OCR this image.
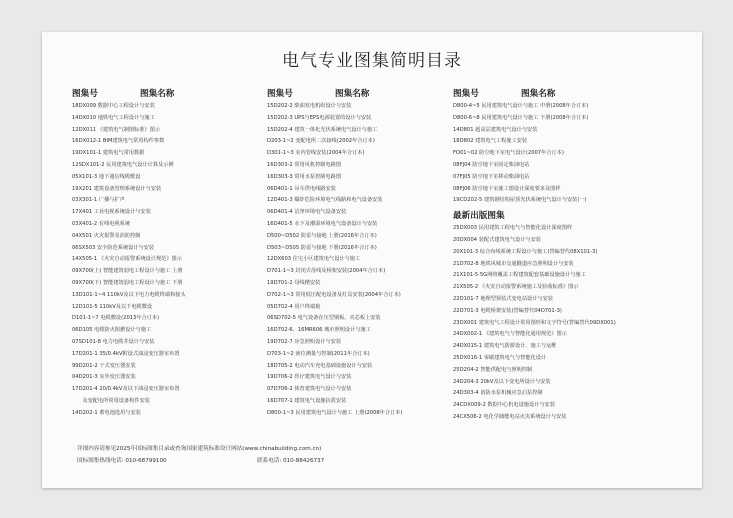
电气专业图集简明目录
图集号	图集名称
18DX009 数据中心工程设计与安装
14DX010 地铁电气工程设计与施工
12DX011 《建筑电气制图标准》图示
16DX012-1 BIM建筑电气常用构件参数
19DX101-1 建筑电气常用数据
12SDX101-2 民用建筑电气设计计算及示例
05X101-3 地下通信线缆敷设
19X201 建筑设备管理系统设计与安装
03X301-1 广播与扩声
17X401 工业电视系统设计与安装
03X401-2 有线电视系统
04X501 火灾报警及消防控制
06SX503 安全防范系统设计与安装
14X505-1 《火灾自动报警系统设计规范》图示
09X700(上) 智能建筑弱电工程设计与施工 上册
09X700(下) 智能建筑弱电工程设计与施工 下册
13D101-1~4 110kV及以下电力电缆终端和接头
12D101-5 110kV及以下电缆敷设
D101-1~7 电缆敷设(2013年合订本)
06D105 电缆防火阻燃设计与施工
07SD101-8 电力电缆井设计与安装
17D201-1 35/0.4kV附设式油浸变压器室布置
99D201-2 干式变压器安装
04D201-3 室外变压器安装
17D201-4 20/0.4kV及以下油浸变压器室布置
　　及变配电所常用设备构件安装
14D202-1 蓄电池选用与安装
图集号	图集名称
15D202-2 柴油发电机组设计与安装
15D202-3 UPS与EPS电源装置的设计与安装
15D202-4 建筑一体化光伏系统电气设计与施工
D203-1~2 变配电所二次接线(2002年合订本)
D301-1~3 室内管线安装(2004年合订本)
16D303-2 常用风机控制电路图
16D303-3 常用水泵控制电路图
06D401-1 吊车供电线路安装
12D401-3 爆炸危险环境电气线路和电气设备安装
06D401-4 洁净环境电气设备安装
16D401-5 水下及潮湿环境电气设备设计与安装
D500~D502 防雷与接地 上册(2016年合订本)
D503~D505 防雷与接地 下册(2016年合订本)
12DX603 住宅小区建筑电气设计与施工
D701-1~3 封闭式母线及桥架安装(2004年合订本)
19D701-2 母线槽安装
D702-1~3 常用低压配电设备及灯具安装(2004年合订本)
05D702-4 用户终端箱
06SD702-5 电气设备在压型钢板、夹芯板上安装
16D702-6、16MR606 城市照明设计与施工
19D702-7 应急照明设计与安装
D703-1~2 液位测量与控制(2011年合订本)
18D705-2 电动汽车充电基础设施设计与安装
19D706-2 医疗建筑电气设计与安装
07D706-2 体育建筑电气设计与安装
16D707-1 建筑电气设施抗震安装
D800-1~3 民用建筑电气设计与施工 上册(2008年合订本)
图集号	图集名称
D800-4~5 民用建筑电气设计与施工 中册(2008年合订本)
D800-6~8 民用建筑电气设计与施工 下册(2008年合订本)
14D801 超高层建筑电气设计与安装
18D802 建筑电气工程施工安装
FD01~02 防空地下室电气设计(2007年合订本)
08FJ04 防空地下室固定柴油电站
07FJ05 防空地下室移动柴油电站
08FJ06 防空地下室施工图设计深度要求及图样
19CD202-5 建筑钢结构屋顶光伏系统电气设计与安装(一)
最新出版图集
25DX003 民用建筑工程电气与智能化设计深度图样
20DX004 装配式建筑电气设计与安装
20X101-3 综合布线系统工程设计与施工(替编替代08X101-3)
21D702-8 地铁风城市交通隧道应急照明设计与安装
21X101-5 5G网络覆盖工程建筑配套基础设施设计与施工
21X505-2 《火灾自动报警系统施工及验收标准》图示
22D101-7 地埋型预装式变电站设计与安装
22D701-3 电缆桥架安装(替编替代04D701-3)
23DX001 建筑电气工程设计常用图形和文字符号(替编替代09DX001)
24DX002-1 《建筑电气与智能化通用规范》图示
24DX015-1 建筑电气防游设计、施工与运维
25DX016-1 零碳建筑电气与智能化设计
25D204-2 智能供配电与照明控制
24D204-3 20kV及以下变电所设计与安装
24D303-4 消防水泵机械应急启泵控制
24CDX009-2 数据中心机电设施设计与安装
24CX506-2 电化学储能电站火灾系统设计与安装
详细内容请参见2025年国标图集目录或查询国家建筑标准设计网站(www.chinabuilding.com.cn)
国标图集热线电话: 010-68799100	联系电话: 010-88426737
